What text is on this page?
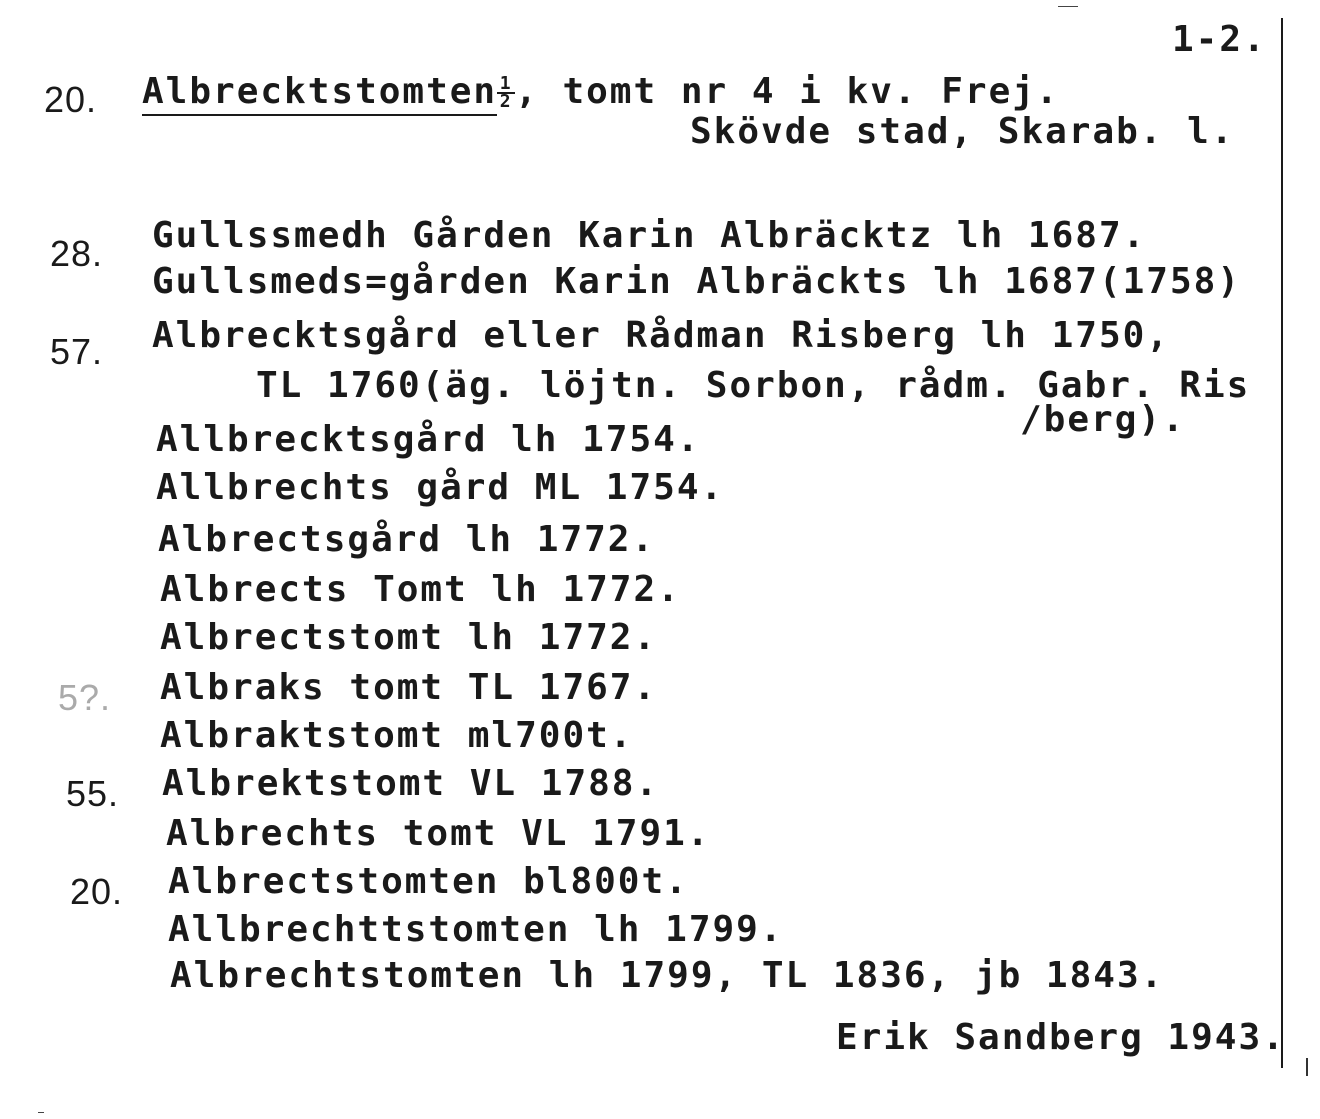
1-2.
20. Albrecktstomten $\frac{1}{2}$ , tomt nr 4 i kv. Frej.
Skövde stad, Skarab. l.
28. Gullssmedh Gården Karin Albräcktz lh 1687.
Gullsmeds=gården Karin Albräckts lh 1687(1758)
57. Albrecktsgård eller Rådman Risberg lh 1750,
TL 1760(äg. löjtn. Sorbon, rådm. Gabr. Ris
/berg).
Allbrecktsgård lh 1754.
Allbrechts gård ML 1754.
Albrectsgård lh 1772.
Albrects Tomt lh 1772.
Albrectstomt lh 1772.
5?. Albraks tomt TL 1767.
Albraktstomt ml700t.
55. Albrektstomt VL 1788.
Albrechts tomt VL 1791.
20. Albrectstomten bl800t.
Allbrechttstomten lh 1799.
Albrechtstomten lh 1799, TL 1836, jb 1843.
Erik Sandberg 1943.
